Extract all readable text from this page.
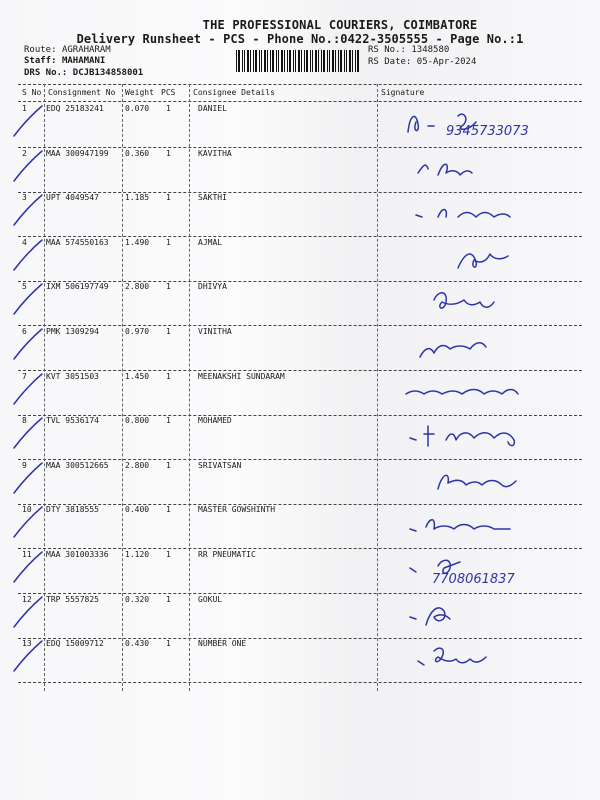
THE PROFESSIONAL COURIERS, COIMBATORE
Delivery Runsheet - PCS - Phone No.:0422-3505555 - Page No.:1
Route: AGRAHARAM
Staff: MAHAMANI
DRS No.: DCJB134858001
RS No.: 1348580
RS Date: 05-Apr-2024
S No Consignment No Weight PCS Consignee Details	Signature
1 EDQ 25183241	0.070 1	DANIEL
9345733073
2 MAA 300947199 0.360 1	KAVITHA
3 UPT 4049547	1.185 1	SAKTHI
4 MAA 574550163 1.490 1	AJMAL
5 IXM 506197749 2.800 1	DHIVYA
6 PMK 1309294	0.970 1	VINITHA
7 KVT 3051503	1.450 1	MEENAKSHI SUNDARAM
8 TVL 9536174	0.800 1	MOHAMED
9 MAA 300512665 2.800 1	SRIVATSAN
10 DTY 3818555	0.400 1	MASTER GOWSHINTH
11 MAA 301003336 1.120 1	RR PNEUMATIC
7708061837
12 TRP 5557825	0.320 1	GOKUL
13 EDQ 15009712	0.430 1	NUMBER ONE
